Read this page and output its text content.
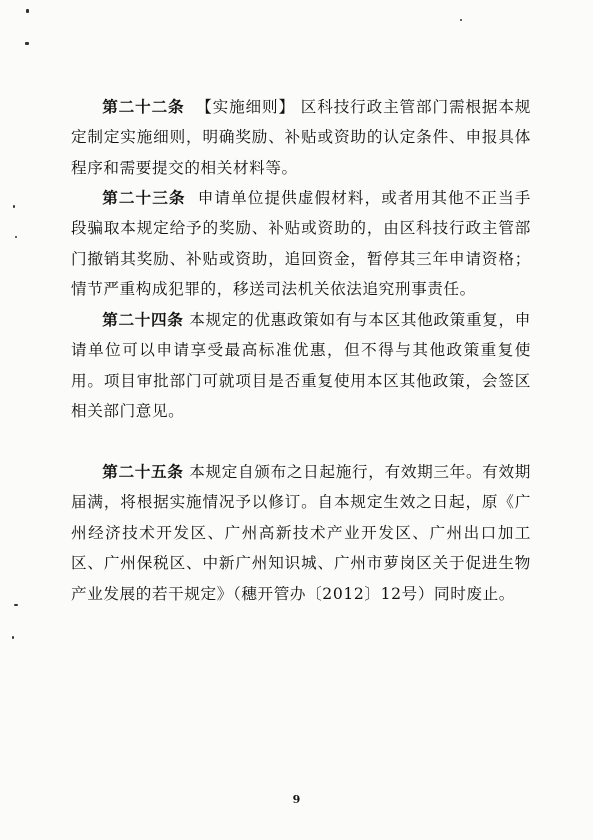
第二十二条 【实施细则】 区科技行政主管部门需根据本规定制定实施细则，明确奖励、补贴或资助的认定条件、申报具体程序和需要提交的相关材料等。

第二十三条 申请单位提供虚假材料，或者用其他不正当手段骗取本规定给予的奖励、补贴或资助的，由区科技行政主管部门撤销其奖励、补贴或资助，追回资金，暂停其三年申请资格；情节严重构成犯罪的，移送司法机关依法追究刑事责任。

第二十四条 本规定的优惠政策如有与本区其他政策重复，申请单位可以申请享受最高标准优惠，但不得与其他政策重复使用。项目审批部门可就项目是否重复使用本区其他政策，会签区相关部门意见。

第二十五条 本规定自颁布之日起施行，有效期三年。有效期届满，将根据实施情况予以修订。自本规定生效之日起，原《广州经济技术开发区、广州高新技术产业开发区、广州出口加工区、广州保税区、中新广州知识城、广州市萝岗区关于促进生物产业发展的若干规定》（穗开管办〔2012〕12号）同时废止。

9
